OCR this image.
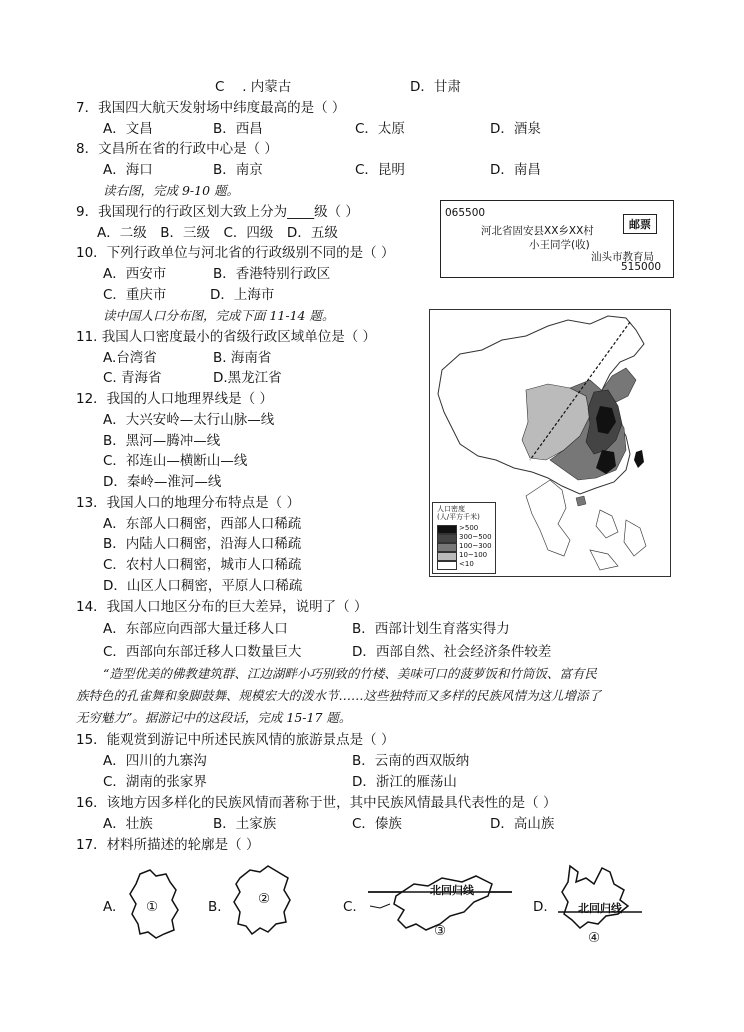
C　 . 内蒙古	D．甘肃
7．我国四大航天发射场中纬度最高的是（ ）
A．文昌	B．西昌	C．太原	D．酒泉
8．文昌所在省的行政中心是（ ）
A．海口	B．南京	C．昆明	D．南昌
读右图，完成 9-10 题。
9．我国现行的行政区划大致上分为____级（ ）
A．二级　B．三级　C．四级　D．五级
10．下列行政单位与河北省的行政级别不同的是（ ）
A．西安市	B．香港特别行政区
C．重庆市	D．上海市
读中国人口分布图，完成下面 11-14 题。
11. 我国人口密度最小的省级行政区域单位是（ ）
A.台湾省	B. 海南省
C. 青海省	D.黑龙江省
12．我国的人口地理界线是（ ）
A．大兴安岭—太行山脉—线
B．黑河—腾冲—线
C．祁连山—横断山—线
D．秦岭—淮河—线
13．我国人口的地理分布特点是（ ）
A．东部人口稠密，西部人口稀疏
B．内陆人口稠密，沿海人口稀疏
C．农村人口稠密，城市人口稀疏
D．山区人口稠密，平原人口稀疏
14．我国人口地区分布的巨大差异，说明了（ ）
A．东部应向西部大量迁移人口	B．西部计划生育落实得力
C．西部向东部迁移人口数量巨大	D．西部自然、社会经济条件较差
“造型优美的佛教建筑群、江边湖畔小巧别致的竹楼、美味可口的菠萝饭和竹筒饭、富有民
族特色的孔雀舞和象脚鼓舞、规模宏大的泼水节……这些独特而又多样的民族风情为这儿增添了
无穷魅力”。据游记中的这段话，完成 15-17 题。
15．能观赏到游记中所述民族风情的旅游景点是（ ）
A．四川的九寨沟	B．云南的西双版纳
C．湖南的张家界	D．浙江的雁荡山
16．该地方因多样化的民族风情而著称于世，其中民族风情最具代表性的是（ ）
A．壮族	B．土家族	C．傣族	D．高山族
17．材料所描述的轮廓是（ ）
A. ①	B.	②	C.
北回归线
③
D.	北回归线
④
065500
河北省固安县XX乡XX村
小王同学(收)
邮票
汕头市教育局
515000
人口密度
(人/平方千米)
>500
300~500
100~300
10~100
<10
